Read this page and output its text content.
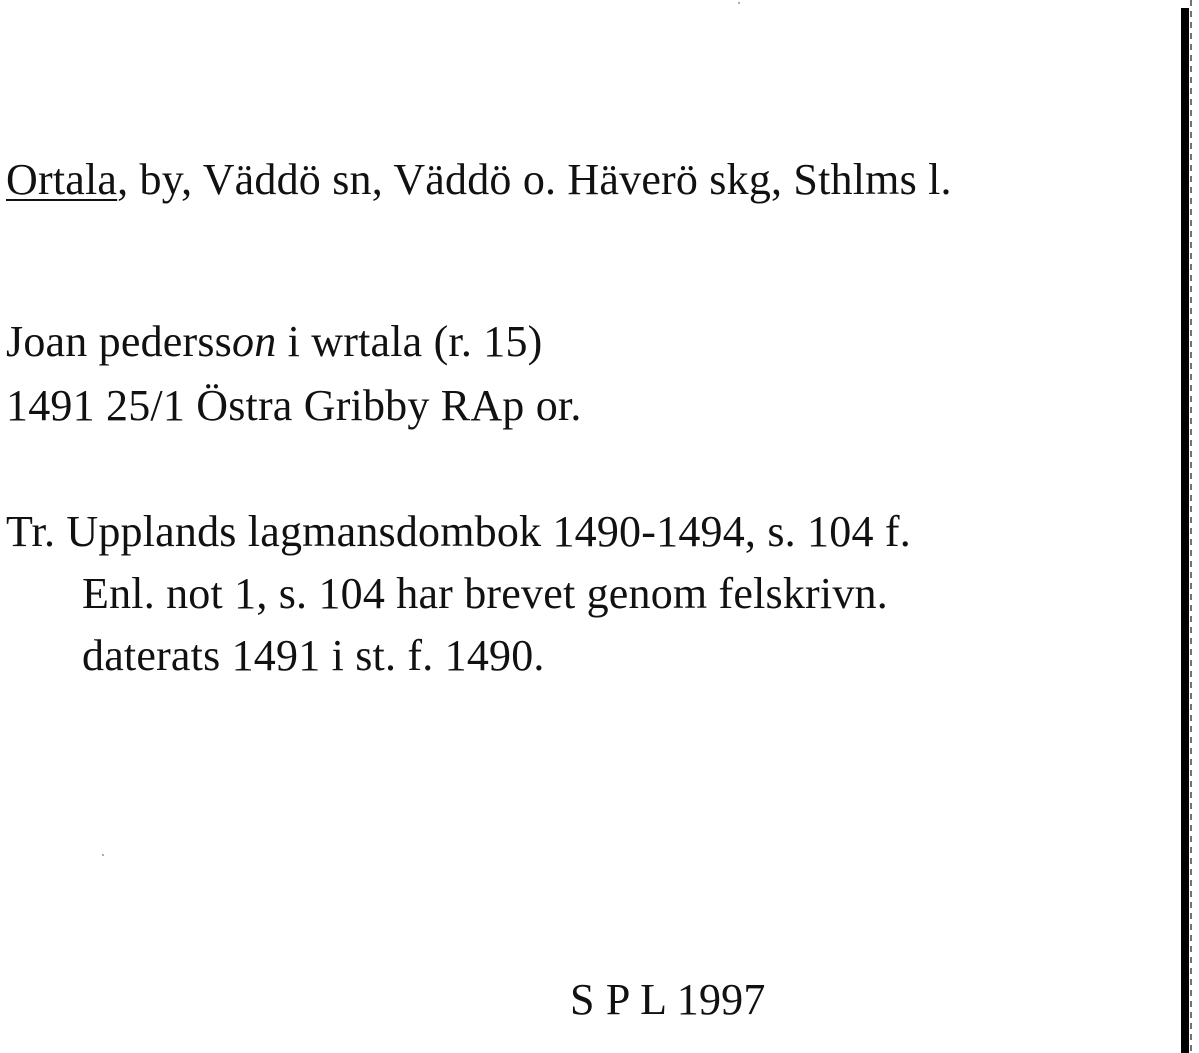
Ortala, by, Väddö sn, Väddö o. Häverö skg, Sthlms l.
Joan pedersson i wrtala (r. 15)
1491 25/1 Östra Gribby RAp or.
Tr. Upplands lagmansdombok 1490-1494, s. 104 f.
Enl. not 1, s. 104 har brevet genom felskrivn.
daterats 1491 i st. f. 1490.
S P L 1997
